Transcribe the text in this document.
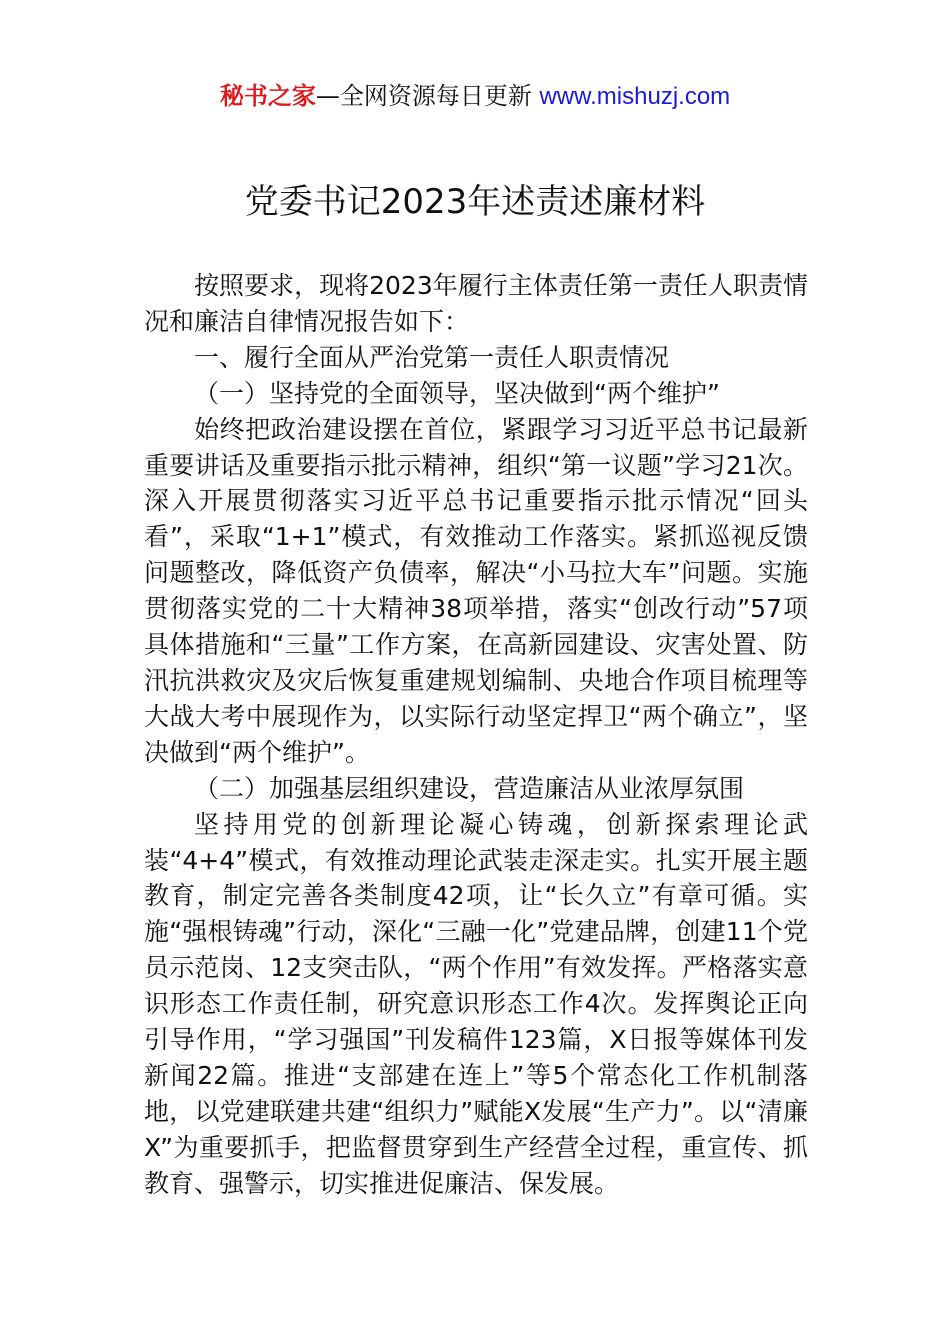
秘书之家—全网资源每日更新 www.mishuzj.com
党委书记2023年述责述廉材料

按照要求，现将2023年履行主体责任第一责任人职责情况和廉洁自律情况报告如下：

一、履行全面从严治党第一责任人职责情况

（一）坚持党的全面领导，坚决做到“两个维护”

始终把政治建设摆在首位，紧跟学习习近平总书记最新重要讲话及重要指示批示精神，组织“第一议题”学习21次。深入开展贯彻落实习近平总书记重要指示批示情况“回头看”，采取“1+1”模式，有效推动工作落实。紧抓巡视反馈问题整改，降低资产负债率，解决“小马拉大车”问题。实施贯彻落实党的二十大精神38项举措，落实“创改行动”57项具体措施和“三量”工作方案，在高新园建设、灾害处置、防汛抗洪救灾及灾后恢复重建规划编制、央地合作项目梳理等大战大考中展现作为，以实际行动坚定捍卫“两个确立”，坚决做到“两个维护”。

（二）加强基层组织建设，营造廉洁从业浓厚氛围

坚持用党的创新理论凝心铸魂，创新探索理论武装“4+4”模式，有效推动理论武装走深走实。扎实开展主题教育，制定完善各类制度42项，让“长久立”有章可循。实施“强根铸魂”行动，深化“三融一化”党建品牌，创建11个党员示范岗、12支突击队，“两个作用”有效发挥。严格落实意识形态工作责任制，研究意识形态工作4次。发挥舆论正向引导作用，“学习强国”刊发稿件123篇，X日报等媒体刊发新闻22篇。推进“支部建在连上”等5个常态化工作机制落地，以党建联建共建“组织力”赋能X发展“生产力”。以“清廉X”为重要抓手，把监督贯穿到生产经营全过程，重宣传、抓教育、强警示，切实推进促廉洁、保发展。
